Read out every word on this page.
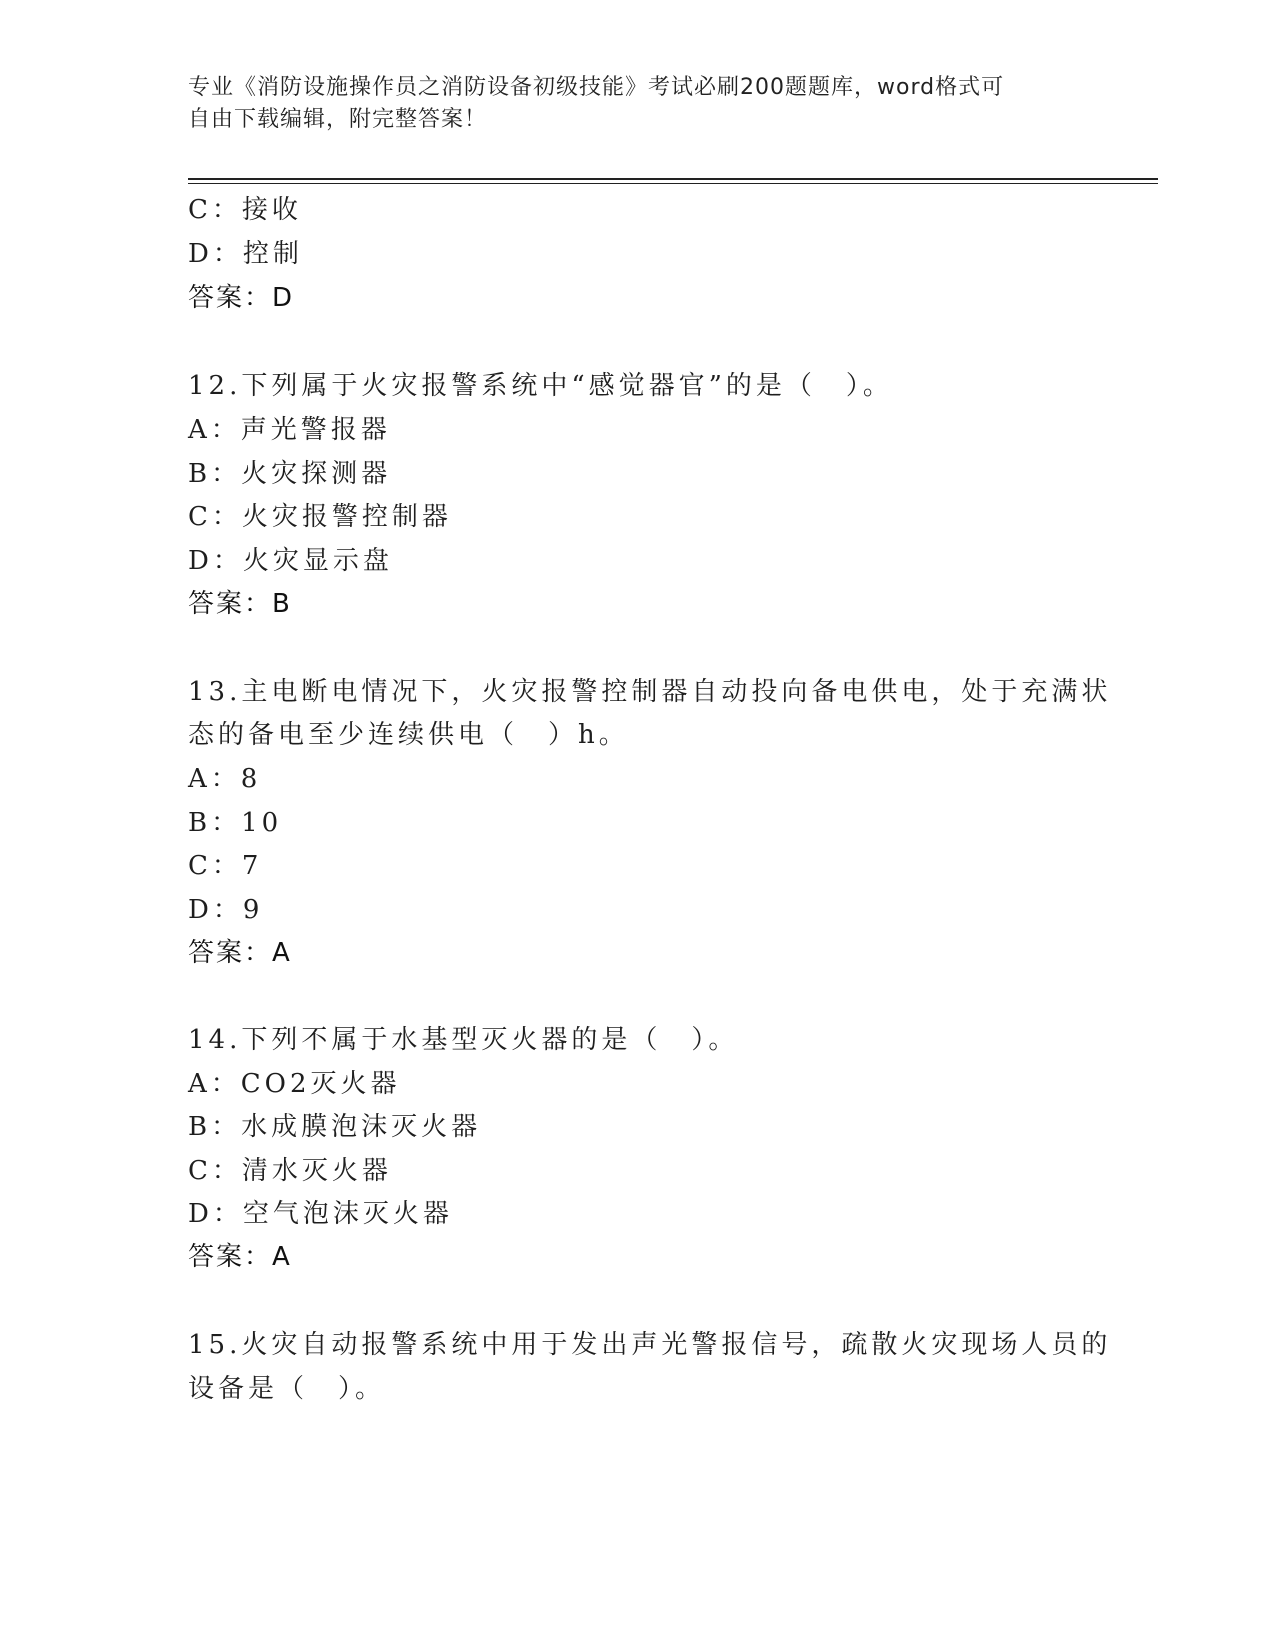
专业《消防设施操作员之消防设备初级技能》考试必刷200题题库，word格式可
自由下载编辑，附完整答案！
C：接收
D：控制
答案：D
12.下列属于火灾报警系统中“感觉器官”的是（　）。
A：声光警报器
B：火灾探测器
C：火灾报警控制器
D：火灾显示盘
答案：B
13.主电断电情况下，火灾报警控制器自动投向备电供电，处于充满状
态的备电至少连续供电（　）h。
A：8
B：10
C：7
D：9
答案：A
14.下列不属于水基型灭火器的是（　）。
A：CO2灭火器
B：水成膜泡沫灭火器
C：清水灭火器
D：空气泡沫灭火器
答案：A
15.火灾自动报警系统中用于发出声光警报信号，疏散火灾现场人员的
设备是（　）。
